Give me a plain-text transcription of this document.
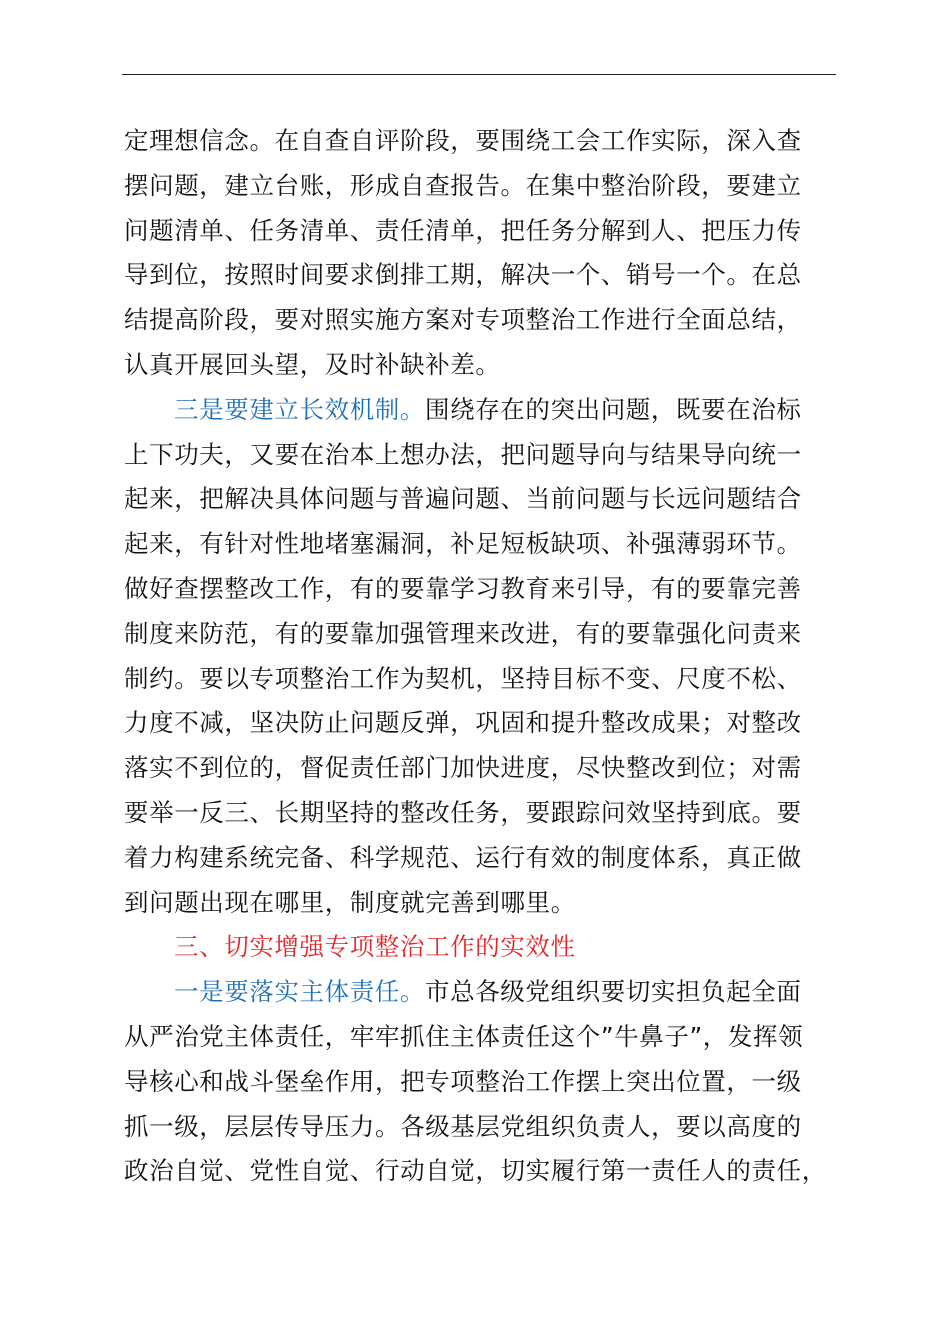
定理想信念。在自查自评阶段，要围绕工会工作实际，深入查
摆问题，建立台账，形成自查报告。在集中整治阶段，要建立
问题清单、任务清单、责任清单，把任务分解到人、把压力传
导到位，按照时间要求倒排工期，解决一个、销号一个。在总
结提高阶段，要对照实施方案对专项整治工作进行全面总结，
认真开展回头望，及时补缺补差。
三是要建立长效机制。围绕存在的突出问题，既要在治标
上下功夫，又要在治本上想办法，把问题导向与结果导向统一
起来，把解决具体问题与普遍问题、当前问题与长远问题结合
起来，有针对性地堵塞漏洞，补足短板缺项、补强薄弱环节。
做好查摆整改工作，有的要靠学习教育来引导，有的要靠完善
制度来防范，有的要靠加强管理来改进，有的要靠强化问责来
制约。要以专项整治工作为契机，坚持目标不变、尺度不松、
力度不减，坚决防止问题反弹，巩固和提升整改成果；对整改
落实不到位的，督促责任部门加快进度，尽快整改到位；对需
要举一反三、长期坚持的整改任务，要跟踪问效坚持到底。要
着力构建系统完备、科学规范、运行有效的制度体系，真正做
到问题出现在哪里，制度就完善到哪里。
三、切实增强专项整治工作的实效性
一是要落实主体责任。市总各级党组织要切实担负起全面
从严治党主体责任，牢牢抓住主体责任这个”牛鼻子”，发挥领
导核心和战斗堡垒作用，把专项整治工作摆上突出位置，一级
抓一级，层层传导压力。各级基层党组织负责人，要以高度的
政治自觉、党性自觉、行动自觉，切实履行第一责任人的责任，
